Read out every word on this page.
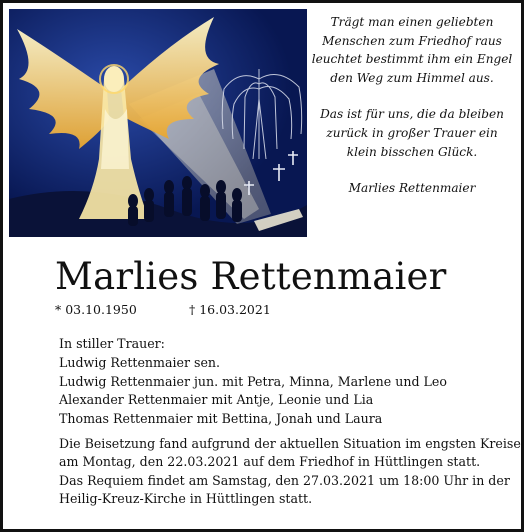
Trägt man einen geliebten
Menschen zum Friedhof raus
leuchtet bestimmt ihm ein Engel
den Weg zum Himmel aus.
Das ist für uns, die da bleiben
zurück in großer Trauer ein
klein bisschen Glück.
Marlies Rettenmaier
Marlies Rettenmaier
* 03.10.1950	† 16.03.2021
In stiller Trauer:
Ludwig Rettenmaier sen.
Ludwig Rettenmaier jun. mit Petra, Minna, Marlene und Leo
Alexander Rettenmaier mit Antje, Leonie und Lia
Thomas Rettenmaier mit Bettina, Jonah und Laura
Die Beisetzung fand aufgrund der aktuellen Situation im engsten Kreise
am Montag, den 22.03.2021 auf dem Friedhof in Hüttlingen statt.
Das Requiem findet am Samstag, den 27.03.2021 um 18:00 Uhr in der
Heilig-Kreuz-Kirche in Hüttlingen statt.
